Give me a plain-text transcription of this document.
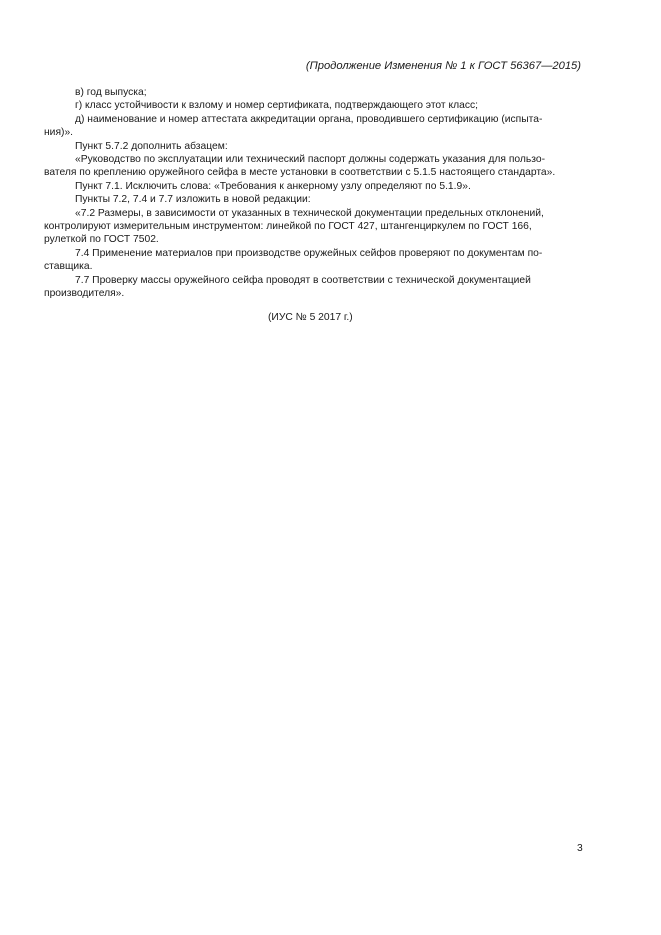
(Продолжение Изменения № 1 к ГОСТ 56367—2015)

в) год выпуска;

г) класс устойчивости к взлому и номер сертификата, подтверждающего этот класс;

д) наименование и номер аттестата аккредитации органа, проводившего сертификацию (испыта-

ния)».

Пункт 5.7.2 дополнить абзацем:

«Руководство по эксплуатации или технический паспорт должны содержать указания для пользо-

вателя по креплению оружейного сейфа в месте установки в соответствии с 5.1.5 настоящего стандарта».

Пункт 7.1. Исключить слова: «Требования к анкерному узлу определяют по 5.1.9».

Пункты 7.2, 7.4 и 7.7 изложить в новой редакции:

«7.2 Размеры, в зависимости от указанных в технической документации предельных отклонений,

контролируют измерительным инструментом: линейкой по ГОСТ 427, штангенциркулем по ГОСТ 166,

рулеткой по ГОСТ 7502.

7.4 Применение материалов при производстве оружейных сейфов проверяют по документам по-

ставщика.

7.7 Проверку массы оружейного сейфа проводят в соответствии с технической документацией

производителя».

(ИУС № 5 2017 г.)
3
